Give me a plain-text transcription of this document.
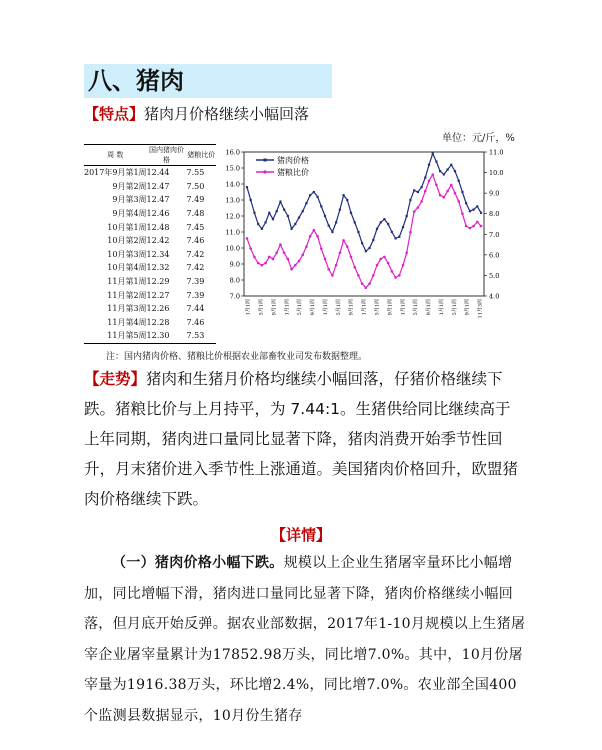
八、猪肉
【特点】猪肉月价格继续小幅回落
单位：元/斤，%
周 数	国内猪肉价格	猪粮比价
2017年9月第1周	12.44	7.55
9月第2周	12.47	7.50
9月第3周	12.47	7.49
9月第4周	12.46	7.48
10月第1周	12.48	7.45
10月第2周	12.42	7.46
10月第3周	12.34	7.42
10月第4周	12.32	7.42
11月第1周	12.29	7.39
11月第2周	12.27	7.39
11月第3周	12.26	7.44
11月第4周	12.28	7.46
11月第5周	12.30	7.53
7.0
8.0
9.0
10.0
11.0
12.0
13.0
14.0
15.0
16.0
4.0
5.0
6.0
7.0
8.0
9.0
10.0
11.0
1月1周 5月1周 9月1周 1月1周 5月1周 9月1周 1月1周 5月1周 9月1周 1月1周 5月1周 9月1周 1月1周 5月1周 9月1周 1月1周 5月1周 9月1周 11月3周
猪肉价格
猪粮比价
注：国内猪肉价格、猪粮比价根据农业部畜牧业司发布数据整理。
【走势】猪肉和生猪月价格均继续小幅回落，仔猪价格继续下跌。猪粮比价与上月持平，为 7.44:1。生猪供给同比继续高于上年同期，猪肉进口量同比显著下降，猪肉消费开始季节性回升，月末猪价进入季节性上涨通道。美国猪肉价格回升，欧盟猪肉价格继续下跌。
【详情】
（一）猪肉价格小幅下跌。规模以上企业生猪屠宰量环比小幅增加，同比增幅下滑，猪肉进口量同比显著下降，猪肉价格继续小幅回落，但月底开始反弹。据农业部数据，2017年1-10月规模以上生猪屠宰企业屠宰量累计为17852.98万头，同比增7.0%。其中，10月份屠宰量为1916.38万头，环比增2.4%，同比增7.0%。农业部全国400个监测县数据显示，10月份生猪存
